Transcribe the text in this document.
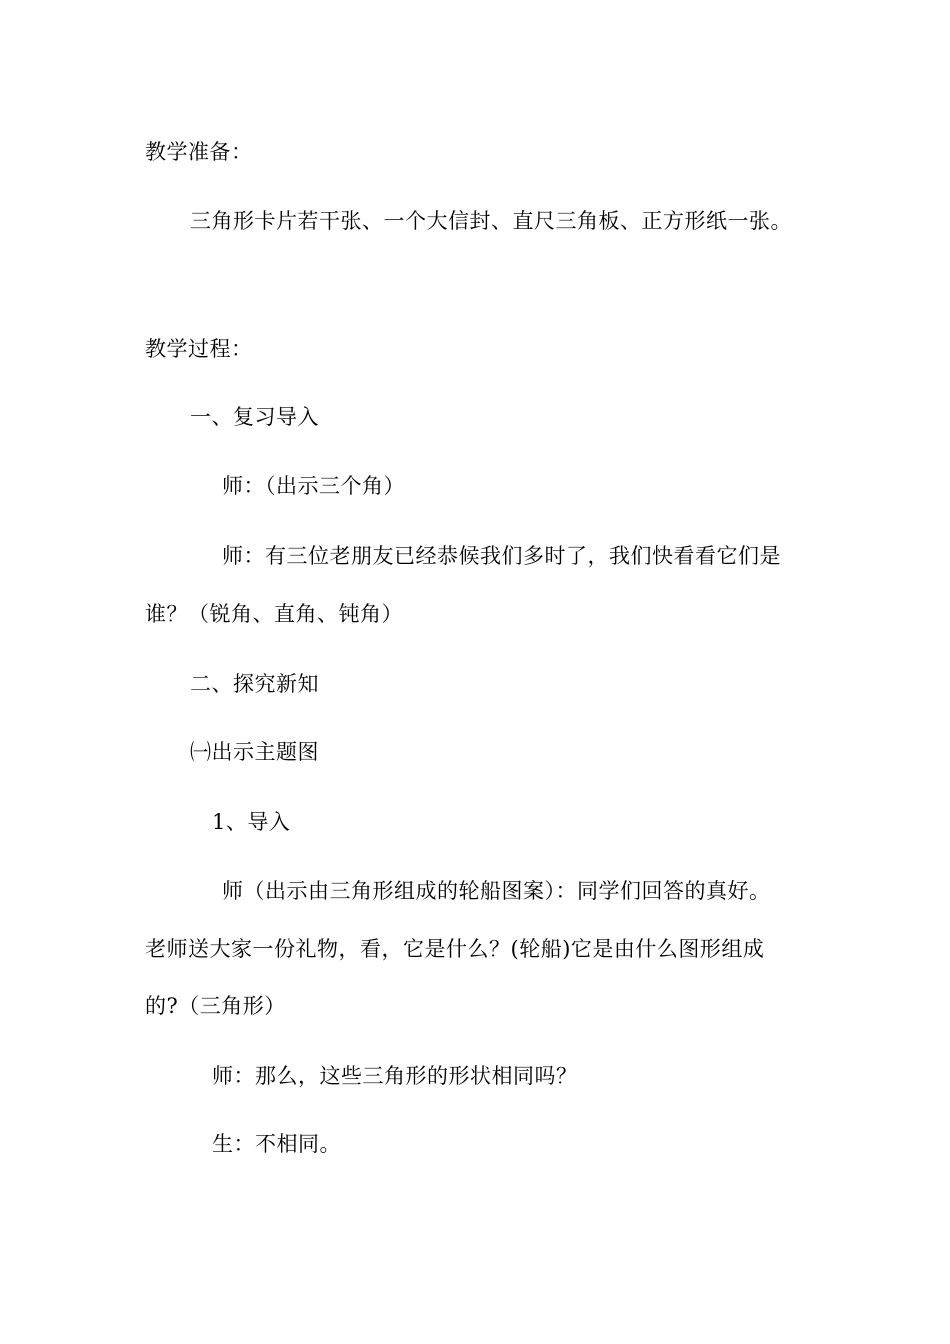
教学准备：
三角形卡片若干张、一个大信封、直尺三角板、正方形纸一张。
教学过程：
一、复习导入
师：（出示三个角）
师：有三位老朋友已经恭候我们多时了，我们快看看它们是
谁？（锐角、直角、钝角）
二、探究新知
㈠出示主题图
1、导入
师（出示由三角形组成的轮船图案）：同学们回答的真好。
老师送大家一份礼物，看，它是什么？(轮船)它是由什么图形组成
的?（三角形）
师：那么，这些三角形的形状相同吗？
生：不相同。
